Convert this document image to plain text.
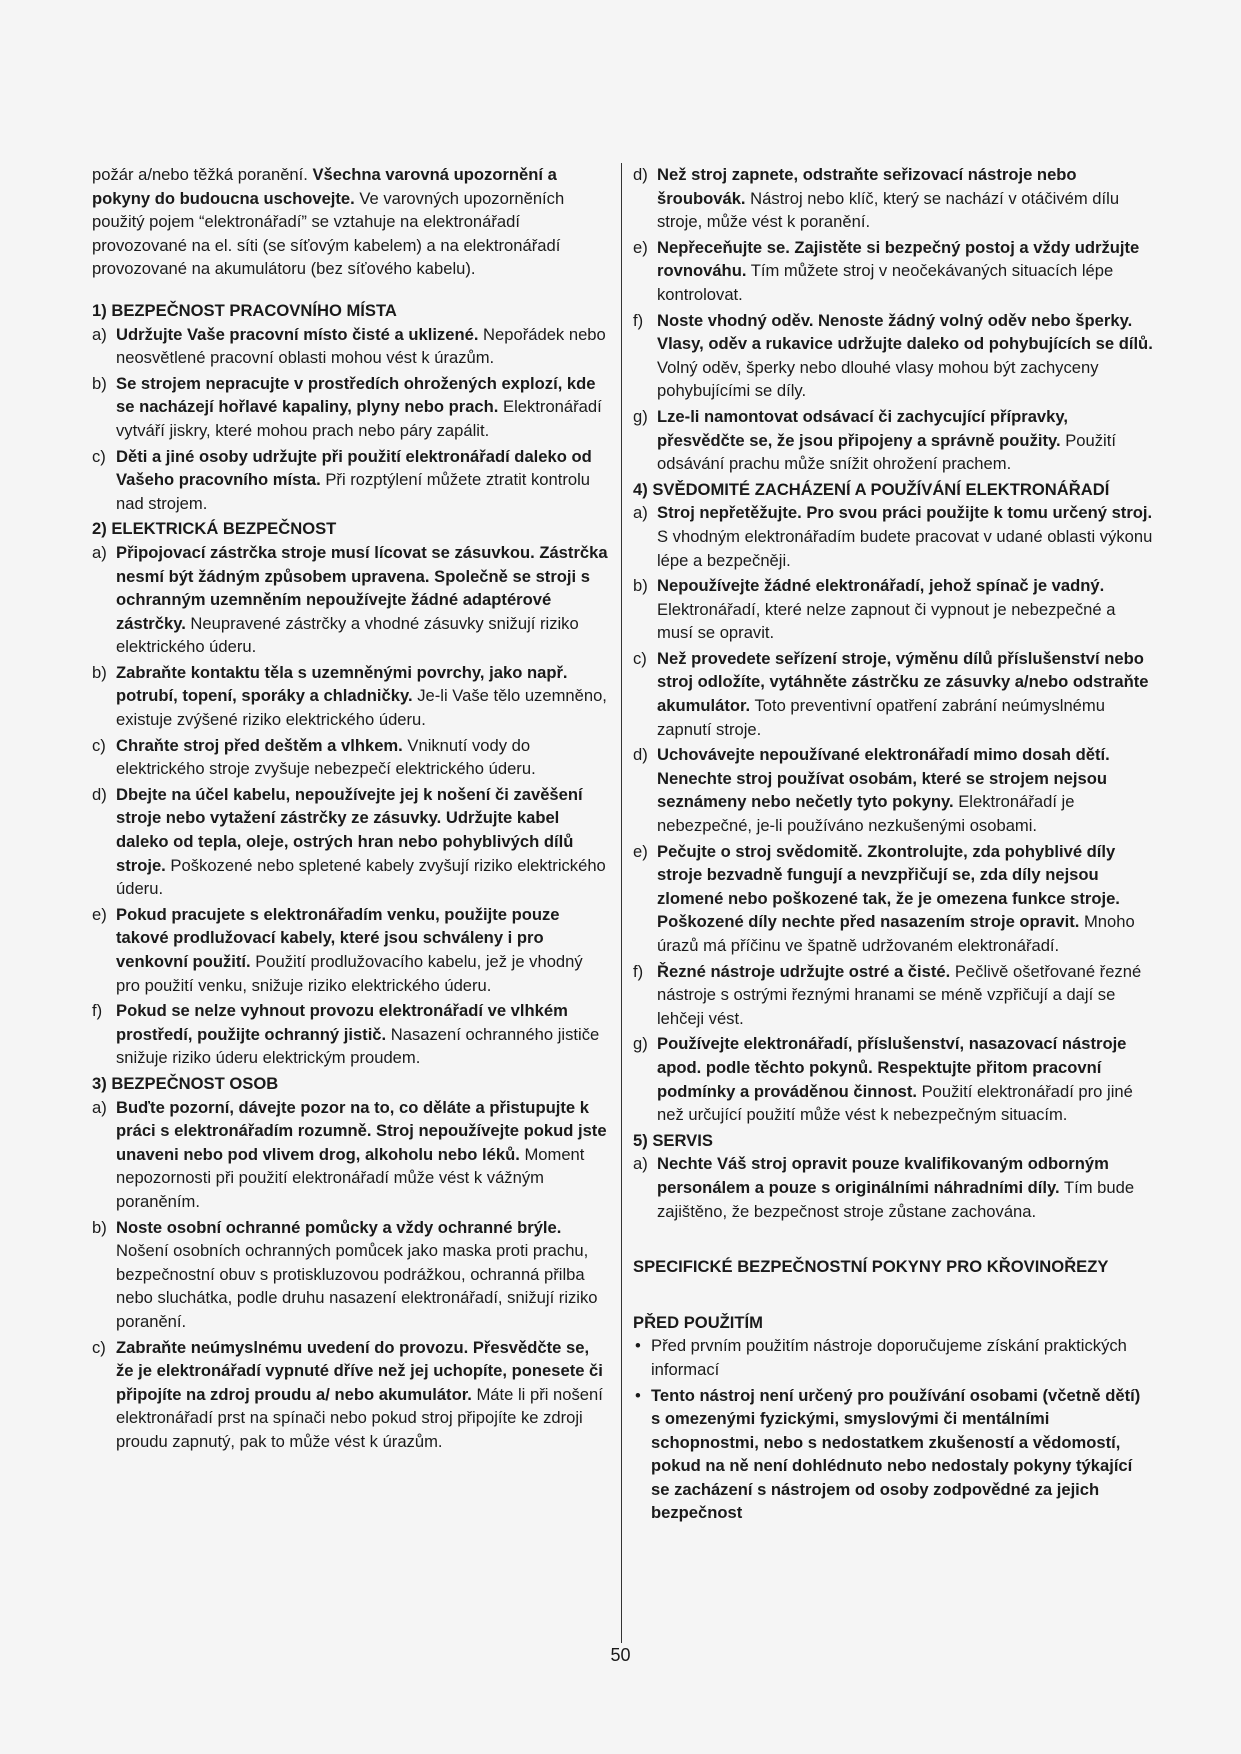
požár a/nebo těžká poranění. Všechna varovná upozornění a pokyny do budoucna uschovejte. Ve varovných upozorněních použitý pojem “elektronářadí” se vztahuje na elektronářadí provozované na el. síti (se síťovým kabelem) a na elektronářadí provozované na akumulátoru (bez síťového kabelu).

1) BEZPEČNOST PRACOVNÍHO MÍSTA

a) Udržujte Vaše pracovní místo čisté a uklizené. Nepořádek nebo neosvětlené pracovní oblasti mohou vést k úrazům.
b) Se strojem nepracujte v prostředích ohrožených explozí, kde se nacházejí hořlavé kapaliny, plyny nebo prach. Elektronářadí vytváří jiskry, které mohou prach nebo páry zapálit.
c) Děti a jiné osoby udržujte při použití elektronářadí daleko od Vašeho pracovního místa. Při rozptýlení můžete ztratit kontrolu nad strojem.

2) ELEKTRICKÁ BEZPEČNOST

a) Připojovací zástrčka stroje musí lícovat se zásuvkou. Zástrčka nesmí být žádným způsobem upravena. Společně se stroji s ochranným uzemněním nepoužívejte žádné adaptérové zástrčky. Neupravené zástrčky a vhodné zásuvky snižují riziko elektrického úderu.
b) Zabraňte kontaktu těla s uzemněnými povrchy, jako např. potrubí, topení, sporáky a chladničky. Je-li Vaše tělo uzemněno, existuje zvýšené riziko elektrického úderu.
c) Chraňte stroj před deštěm a vlhkem. Vniknutí vody do elektrického stroje zvyšuje nebezpečí elektrického úderu.
d) Dbejte na účel kabelu, nepoužívejte jej k nošení či zavěšení stroje nebo vytažení zástrčky ze zásuvky. Udržujte kabel daleko od tepla, oleje, ostrých hran nebo pohyblivých dílů stroje. Poškozené nebo spletené kabely zvyšují riziko elektrického úderu.
e) Pokud pracujete s elektronářadím venku, použijte pouze takové prodlužovací kabely, které jsou schváleny i pro venkovní použití. Použití prodlužovacího kabelu, jež je vhodný pro použití venku, snižuje riziko elektrického úderu.
f) Pokud se nelze vyhnout provozu elektronářadí ve vlhkém prostředí, použijte ochranný jistič. Nasazení ochranného jističe snižuje riziko úderu elektrickým proudem.

3) BEZPEČNOST OSOB

a) Buďte pozorní, dávejte pozor na to, co děláte a přistupujte k práci s elektronářadím rozumně. Stroj nepoužívejte pokud jste unaveni nebo pod vlivem drog, alkoholu nebo léků. Moment nepozornosti při použití elektronářadí může vést k vážným poraněním.
b) Noste osobní ochranné pomůcky a vždy ochranné brýle. Nošení osobních ochranných pomůcek jako maska proti prachu, bezpečnostní obuv s protiskluzovou podrážkou, ochranná přilba nebo sluchátka, podle druhu nasazení elektronářadí, snižují riziko poranění.
c) Zabraňte neúmyslnému uvedení do provozu. Přesvědčte se, že je elektronářadí vypnuté dříve než jej uchopíte, ponesete či připojíte na zdroj proudu a/ nebo akumulátor. Máte li při nošení elektronářadí prst na spínači nebo pokud stroj připojíte ke zdroji proudu zapnutý, pak to může vést k úrazům.
d) Než stroj zapnete, odstraňte seřizovací nástroje nebo šroubovák. Nástroj nebo klíč, který se nachází v otáčivém dílu stroje, může vést k poranění.
e) Nepřeceňujte se. Zajistěte si bezpečný postoj a vždy udržujte rovnováhu. Tím můžete stroj v neočekávaných situacích lépe kontrolovat.
f) Noste vhodný oděv. Nenoste žádný volný oděv nebo šperky. Vlasy, oděv a rukavice udržujte daleko od pohybujících se dílů. Volný oděv, šperky nebo dlouhé vlasy mohou být zachyceny pohybujícími se díly.
g) Lze-li namontovat odsávací či zachycující přípravky, přesvědčte se, že jsou připojeny a správně použity. Použití odsávání prachu může snížit ohrožení prachem.

4) SVĚDOMITÉ ZACHÁZENÍ A POUŽÍVÁNÍ ELEKTRONÁŘADÍ

a) Stroj nepřetěžujte. Pro svou práci použijte k tomu určený stroj. S vhodným elektronářadím budete pracovat v udané oblasti výkonu lépe a bezpečněji.
b) Nepoužívejte žádné elektronářadí, jehož spínač je vadný. Elektronářadí, které nelze zapnout či vypnout je nebezpečné a musí se opravit.
c) Než provedete seřízení stroje, výměnu dílů příslušenství nebo stroj odložíte, vytáhněte zástrčku ze zásuvky a/nebo odstraňte akumulátor. Toto preventivní opatření zabrání neúmyslnému zapnutí stroje.
d) Uchovávejte nepoužívané elektronářadí mimo dosah dětí. Nenechte stroj používat osobám, které se strojem nejsou seznámeny nebo nečetly tyto pokyny. Elektronářadí je nebezpečné, je-li používáno nezkušenými osobami.
e) Pečujte o stroj svědomitě. Zkontrolujte, zda pohyblivé díly stroje bezvadně fungují a nevzpřičují se, zda díly nejsou zlomené nebo poškozené tak, že je omezena funkce stroje. Poškozené díly nechte před nasazením stroje opravit. Mnoho úrazů má příčinu ve špatně udržovaném elektronářadí.
f) Řezné nástroje udržujte ostré a čisté. Pečlivě ošetřované řezné nástroje s ostrými řeznými hranami se méně vzpřičují a dají se lehčeji vést.
g) Používejte elektronářadí, příslušenství, nasazovací nástroje apod. podle těchto pokynů. Respektujte přitom pracovní podmínky a prováděnou činnost. Použití elektronářadí pro jiné než určující použití může vést k nebezpečným situacím.

5) SERVIS

a) Nechte Váš stroj opravit pouze kvalifikovaným odborným personálem a pouze s originálními náhradními díly. Tím bude zajištěno, že bezpečnost stroje zůstane zachována.

SPECIFICKÉ BEZPEČNOSTNÍ POKYNY PRO KŘOVINOŘEZY

PŘED POUŽITÍM

• Před prvním použitím nástroje doporučujeme získání praktických informací
• Tento nástroj není určený pro používání osobami (včetně dětí) s omezenými fyzickými, smyslovými či mentálními schopnostmi, nebo s nedostatkem zkušeností a vědomostí, pokud na ně není dohlédnuto nebo nedostaly pokyny týkající se zacházení s nástrojem od osoby zodpovědné za jejich bezpečnost
50
